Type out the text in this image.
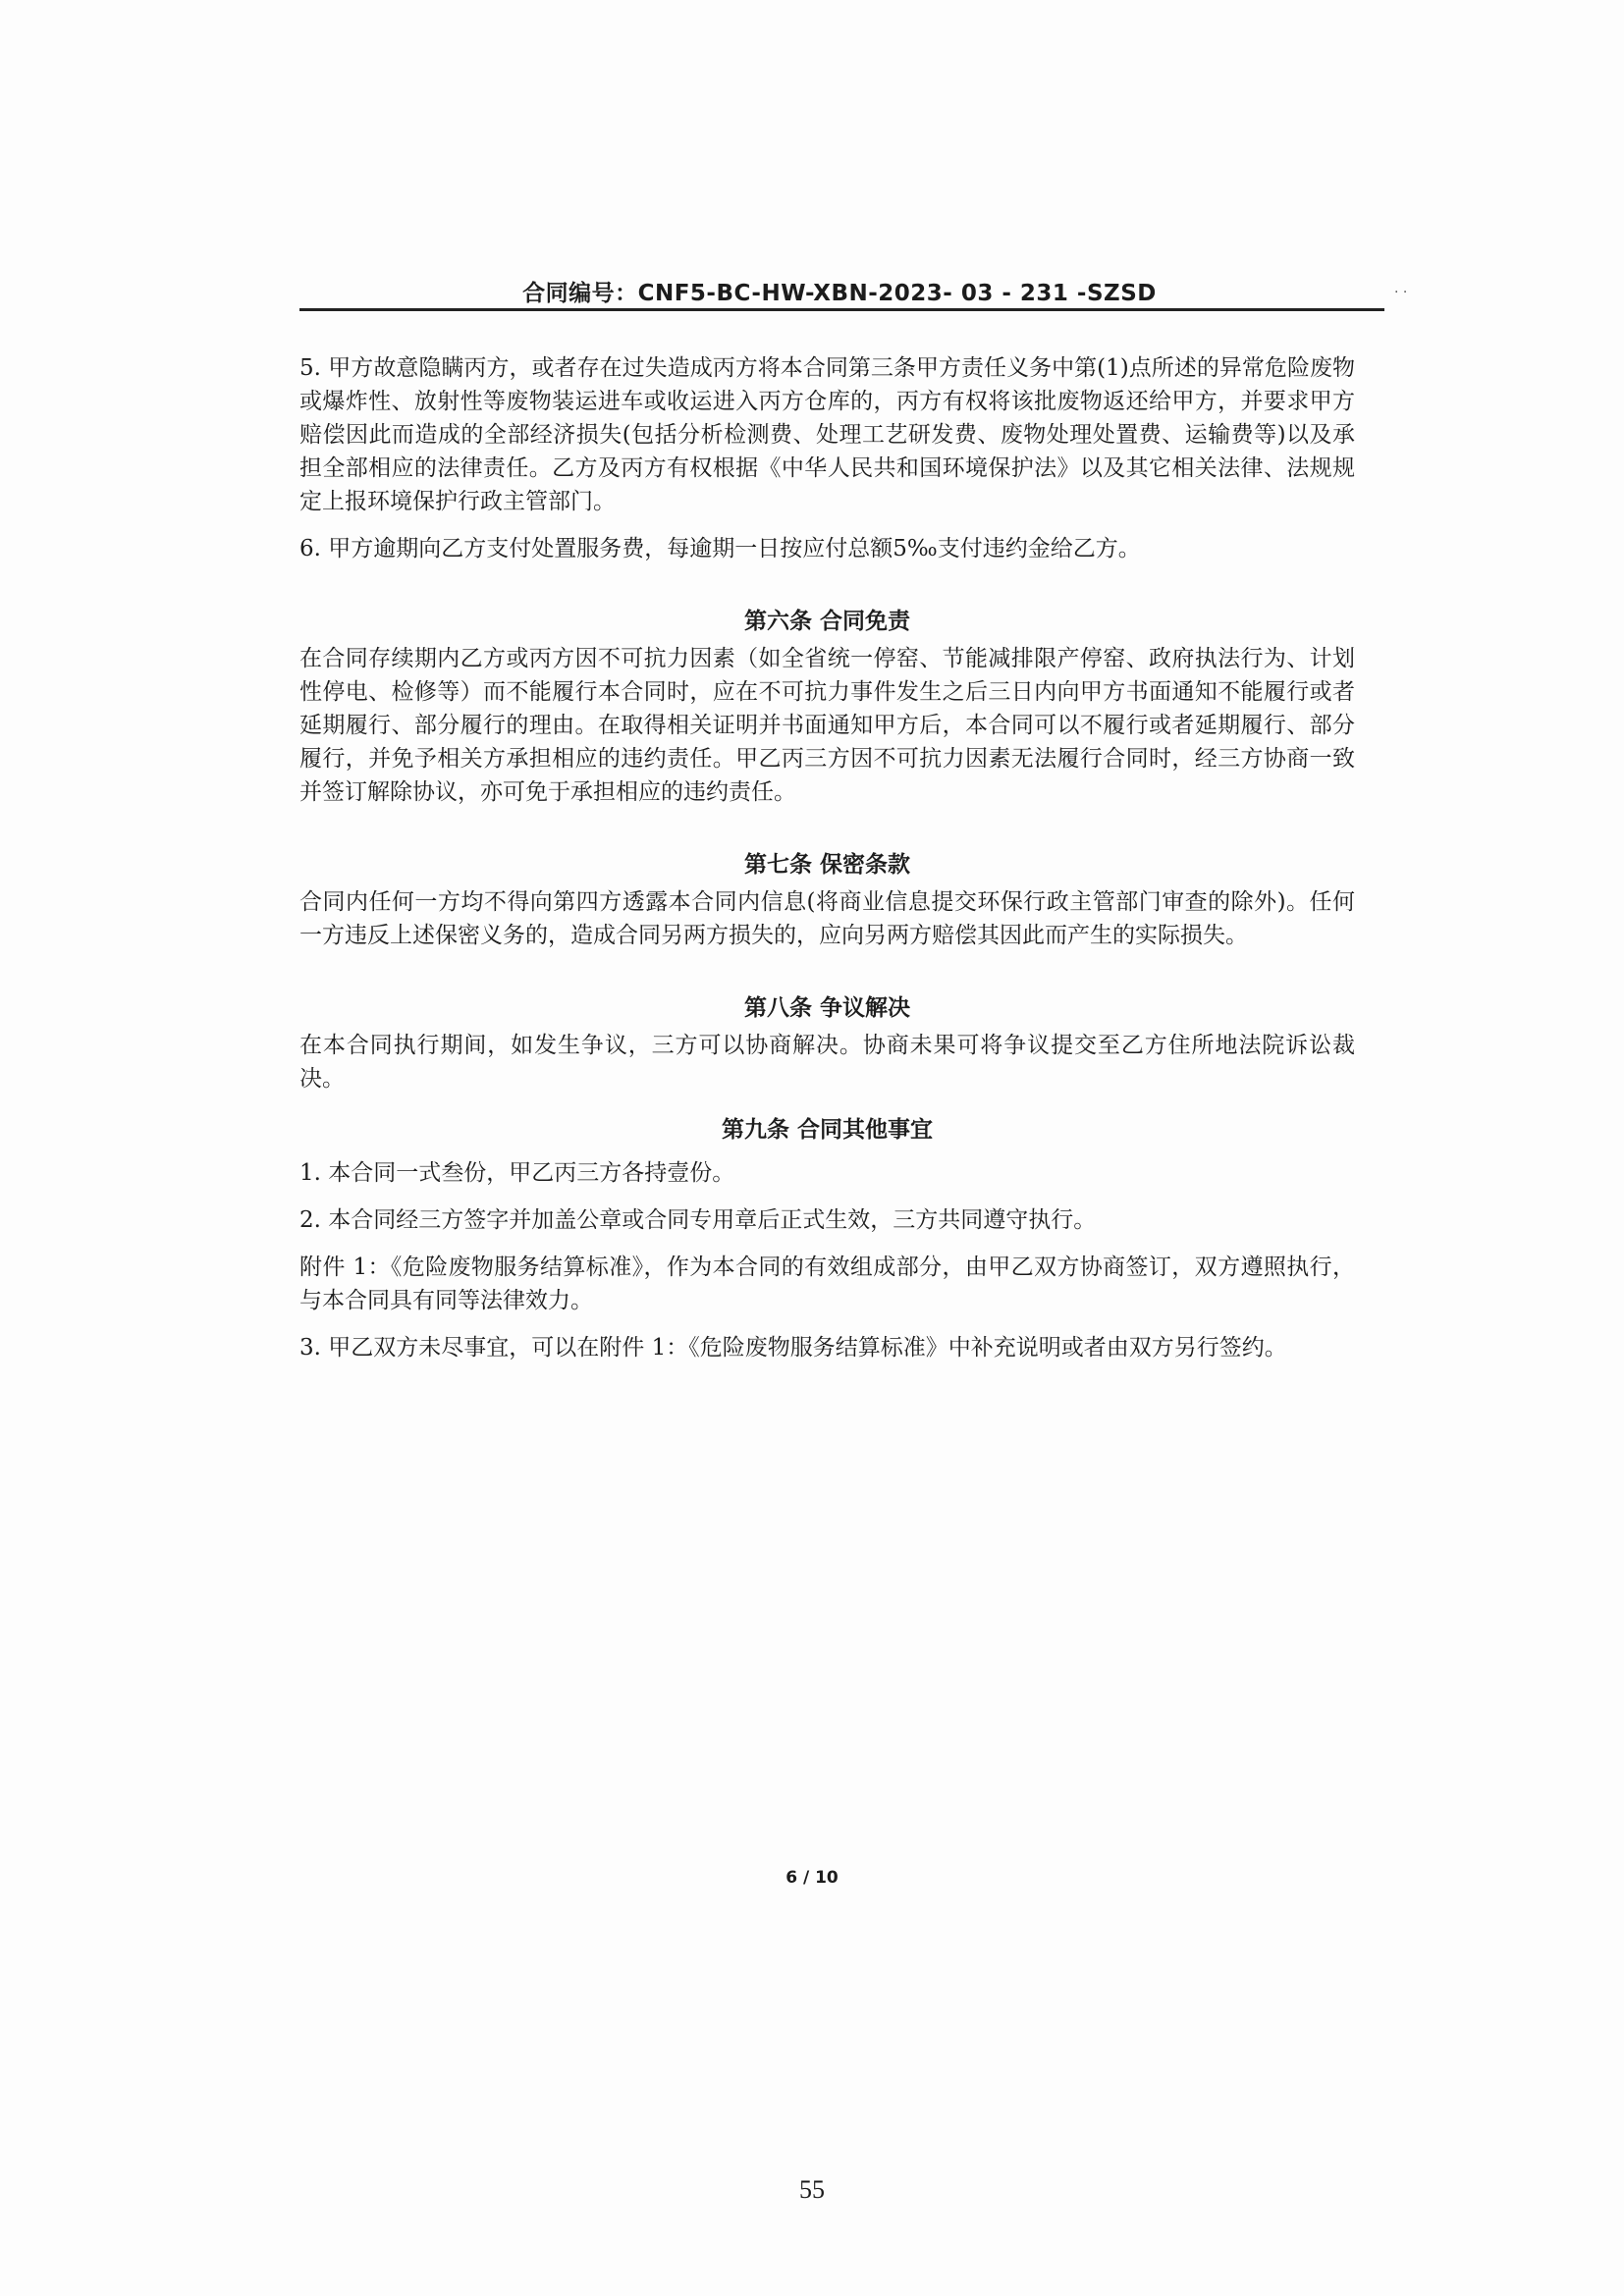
合同编号：CNF5-BC-HW-XBN-2023- 03 - 231 -SZSD	· ·

5. 甲方故意隐瞒丙方，或者存在过失造成丙方将本合同第三条甲方责任义务中第(1)点所述的异常危险废物或爆炸性、放射性等废物装运进车或收运进入丙方仓库的，丙方有权将该批废物返还给甲方，并要求甲方赔偿因此而造成的全部经济损失(包括分析检测费、处理工艺研发费、废物处理处置费、运输费等)以及承担全部相应的法律责任。乙方及丙方有权根据《中华人民共和国环境保护法》以及其它相关法律、法规规定上报环境保护行政主管部门。

6. 甲方逾期向乙方支付处置服务费，每逾期一日按应付总额5‰支付违约金给乙方。

第六条 合同免责

在合同存续期内乙方或丙方因不可抗力因素（如全省统一停窑、节能减排限产停窑、政府执法行为、计划性停电、检修等）而不能履行本合同时，应在不可抗力事件发生之后三日内向甲方书面通知不能履行或者延期履行、部分履行的理由。在取得相关证明并书面通知甲方后，本合同可以不履行或者延期履行、部分履行，并免予相关方承担相应的违约责任。甲乙丙三方因不可抗力因素无法履行合同时，经三方协商一致并签订解除协议，亦可免于承担相应的违约责任。

第七条 保密条款

合同内任何一方均不得向第四方透露本合同内信息(将商业信息提交环保行政主管部门审查的除外)。任何一方违反上述保密义务的，造成合同另两方损失的，应向另两方赔偿其因此而产生的实际损失。

第八条 争议解决

在本合同执行期间，如发生争议，三方可以协商解决。协商未果可将争议提交至乙方住所地法院诉讼裁决。

第九条 合同其他事宜

1. 本合同一式叁份，甲乙丙三方各持壹份。

2. 本合同经三方签字并加盖公章或合同专用章后正式生效，三方共同遵守执行。

附件 1：《危险废物服务结算标准》，作为本合同的有效组成部分，由甲乙双方协商签订，双方遵照执行，与本合同具有同等法律效力。

3. 甲乙双方未尽事宜，可以在附件 1：《危险废物服务结算标准》中补充说明或者由双方另行签约。

6 / 10
55
